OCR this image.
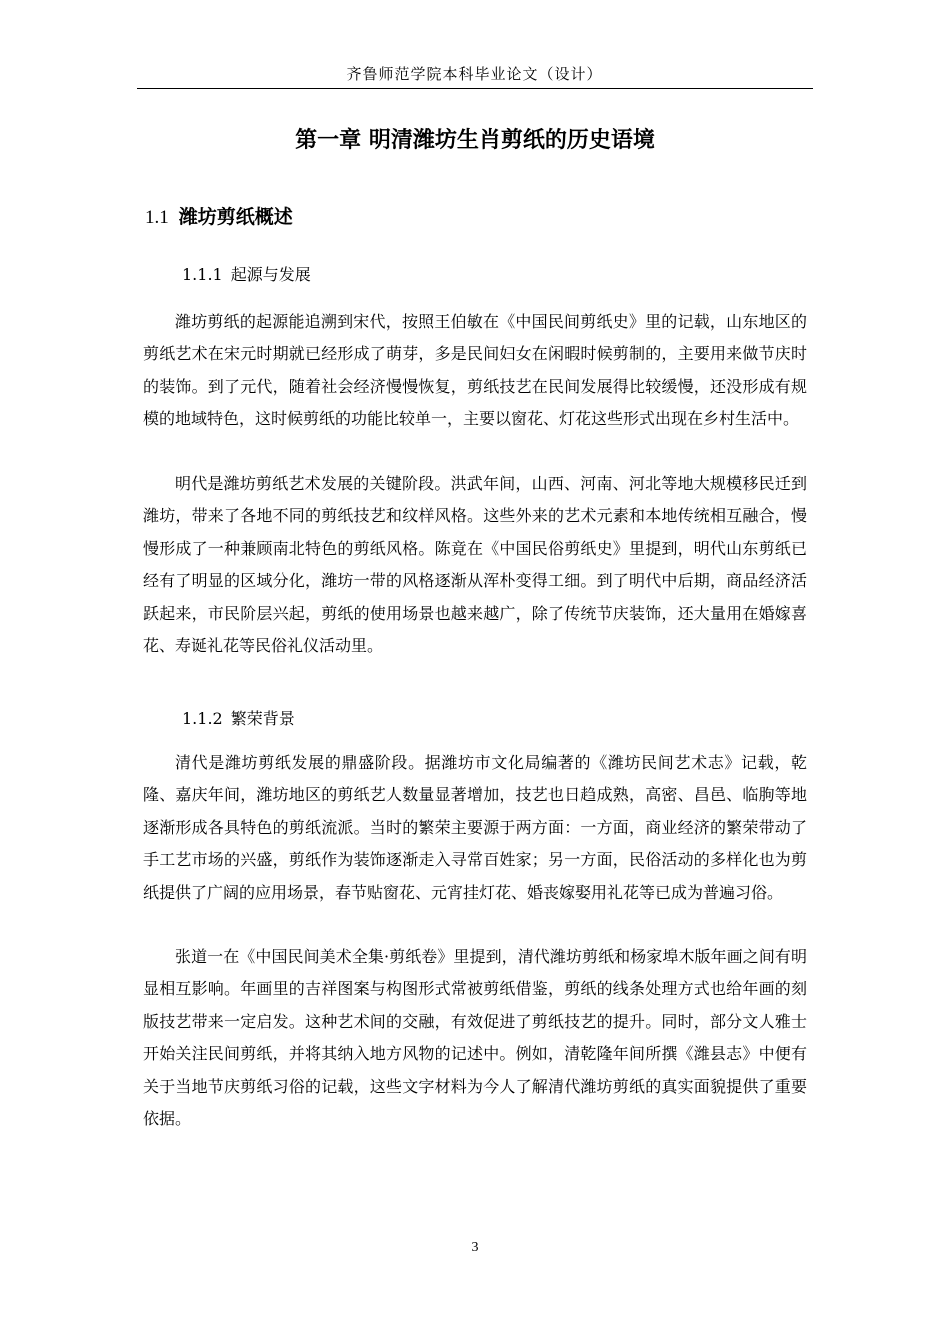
齐鲁师范学院本科毕业论文（设计）
第一章 明清潍坊生肖剪纸的历史语境
1.1 潍坊剪纸概述
1.1.1 起源与发展

潍坊剪纸的起源能追溯到宋代，按照王伯敏在《中国民间剪纸史》里的记载，山东地区的剪纸艺术在宋元时期就已经形成了萌芽，多是民间妇女在闲暇时候剪制的，主要用来做节庆时的装饰。到了元代，随着社会经济慢慢恢复，剪纸技艺在民间发展得比较缓慢，还没形成有规模的地域特色，这时候剪纸的功能比较单一，主要以窗花、灯花这些形式出现在乡村生活中。

明代是潍坊剪纸艺术发展的关键阶段。洪武年间，山西、河南、河北等地大规模移民迁到潍坊，带来了各地不同的剪纸技艺和纹样风格。这些外来的艺术元素和本地传统相互融合，慢慢形成了一种兼顾南北特色的剪纸风格。陈竟在《中国民俗剪纸史》里提到，明代山东剪纸已经有了明显的区域分化，潍坊一带的风格逐渐从浑朴变得工细。到了明代中后期，商品经济活跃起来，市民阶层兴起，剪纸的使用场景也越来越广，除了传统节庆装饰，还大量用在婚嫁喜花、寿诞礼花等民俗礼仪活动里。

1.1.2 繁荣背景

清代是潍坊剪纸发展的鼎盛阶段。据潍坊市文化局编著的《潍坊民间艺术志》记载，乾隆、嘉庆年间，潍坊地区的剪纸艺人数量显著增加，技艺也日趋成熟，高密、昌邑、临朐等地逐渐形成各具特色的剪纸流派。当时的繁荣主要源于两方面：一方面，商业经济的繁荣带动了手工艺市场的兴盛，剪纸作为装饰逐渐走入寻常百姓家；另一方面，民俗活动的多样化也为剪纸提供了广阔的应用场景，春节贴窗花、元宵挂灯花、婚丧嫁娶用礼花等已成为普遍习俗。

张道一在《中国民间美术全集·剪纸卷》里提到，清代潍坊剪纸和杨家埠木版年画之间有明显相互影响。年画里的吉祥图案与构图形式常被剪纸借鉴，剪纸的线条处理方式也给年画的刻版技艺带来一定启发。这种艺术间的交融，有效促进了剪纸技艺的提升。同时，部分文人雅士开始关注民间剪纸，并将其纳入地方风物的记述中。例如，清乾隆年间所撰《潍县志》中便有关于当地节庆剪纸习俗的记载，这些文字材料为今人了解清代潍坊剪纸的真实面貌提供了重要依据。

3
